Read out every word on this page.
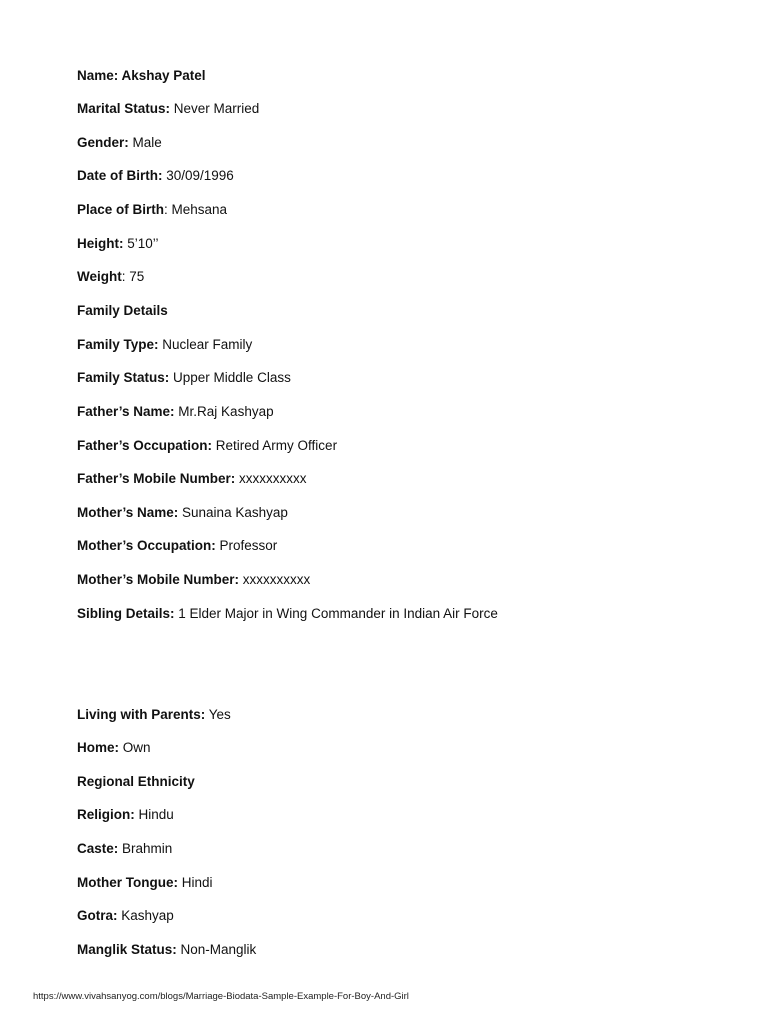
Name: Akshay Patel
Marital Status: Never Married
Gender: Male
Date of Birth: 30/09/1996
Place of Birth: Mehsana
Height: 5’10’’
Weight: 75
Family Details
Family Type: Nuclear Family
Family Status: Upper Middle Class
Father’s Name: Mr.Raj Kashyap
Father’s Occupation: Retired Army Officer
Father’s Mobile Number: xxxxxxxxxx
Mother’s Name: Sunaina Kashyap
Mother’s Occupation: Professor
Mother’s Mobile Number: xxxxxxxxxx
Sibling Details: 1 Elder Major in Wing Commander in Indian Air Force
Living with Parents: Yes
Home: Own
Regional Ethnicity
Religion: Hindu
Caste: Brahmin
Mother Tongue: Hindi
Gotra: Kashyap
Manglik Status: Non-Manglik
https://www.vivahsanyog.com/blogs/Marriage-Biodata-Sample-Example-For-Boy-And-Girl
